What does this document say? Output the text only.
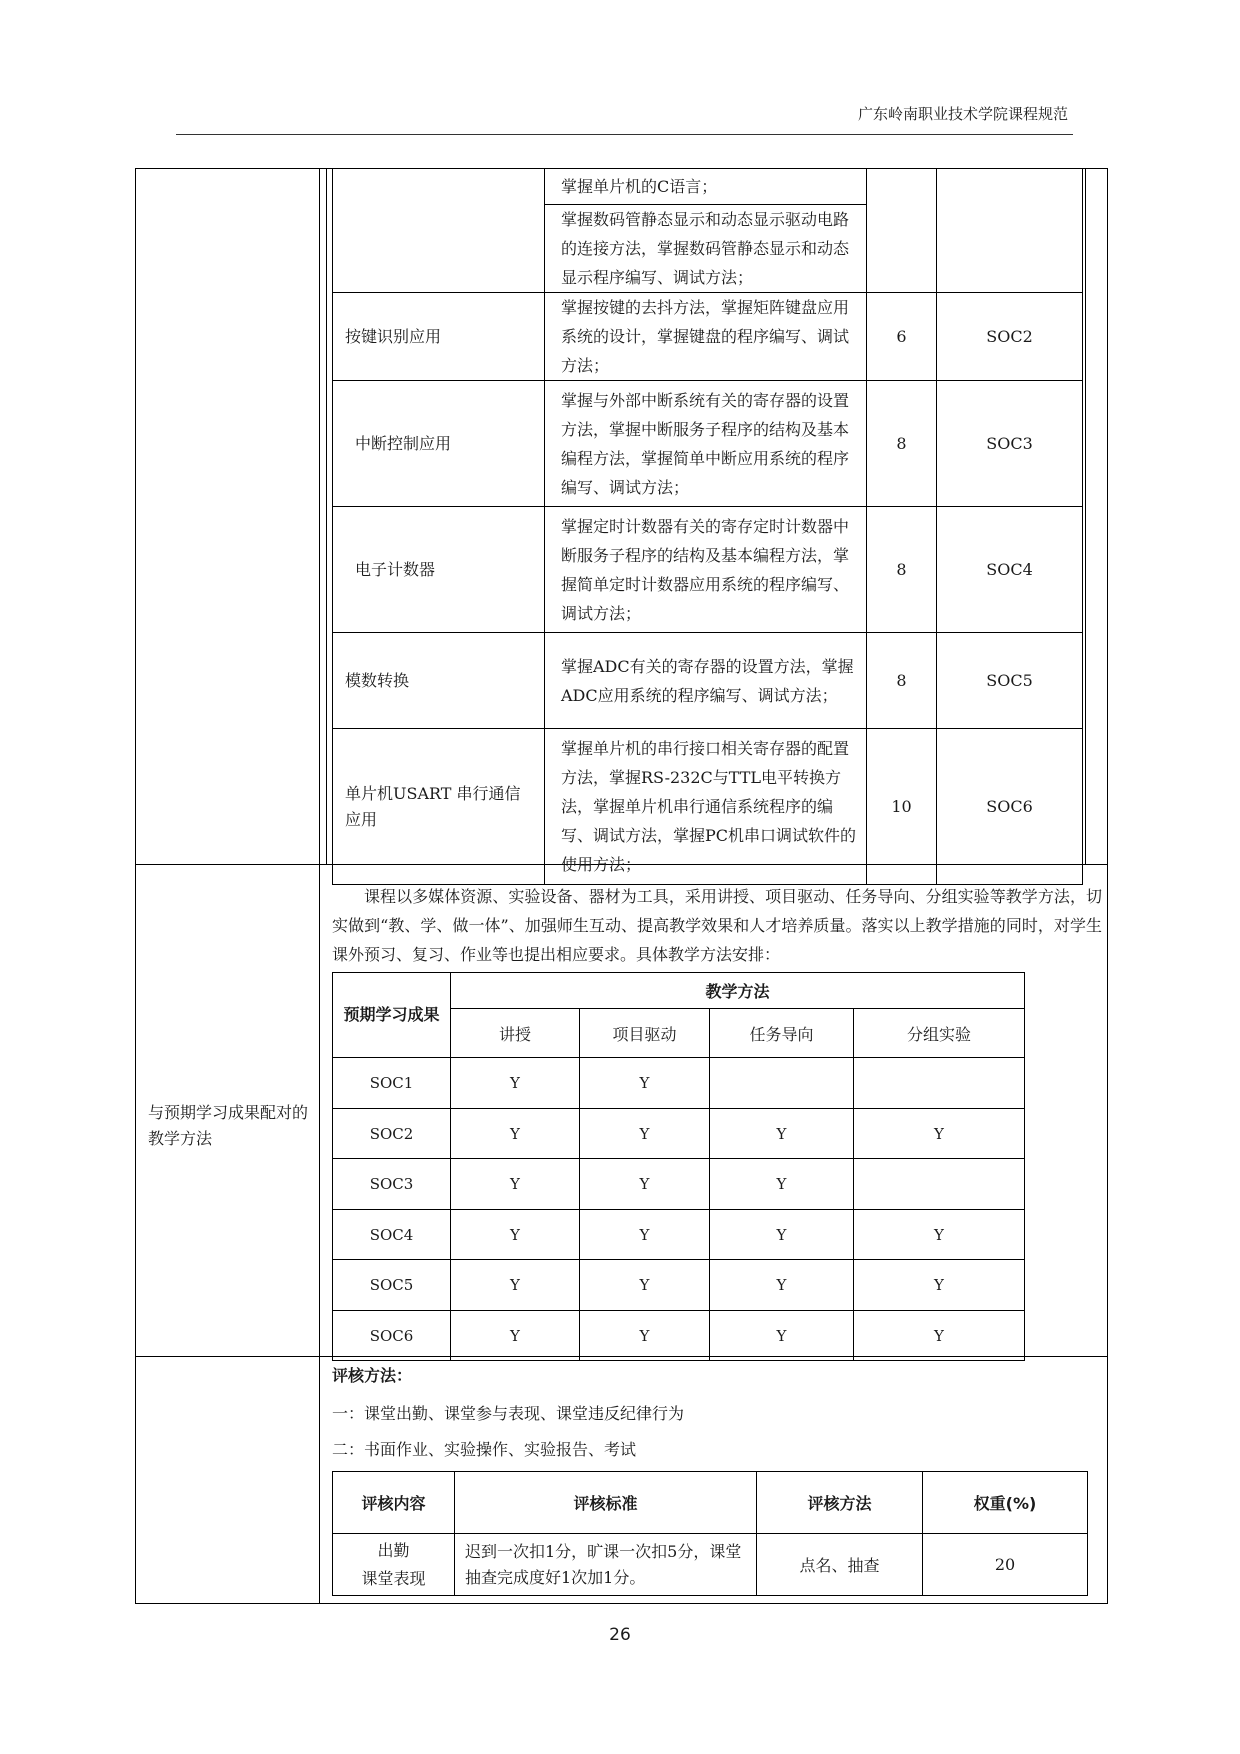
广东岭南职业技术学院课程规范
	掌握单片机的C语言；		
	掌握数码管静态显示和动态显示驱动电路的连接方法，掌握数码管静态显示和动态显示程序编写、调试方法；		
按键识别应用	掌握按键的去抖方法，掌握矩阵键盘应用系统的设计，掌握键盘的程序编写、调试方法；	6	SOC2
中断控制应用	掌握与外部中断系统有关的寄存器的设置方法，掌握中断服务子程序的结构及基本编程方法，掌握简单中断应用系统的程序编写、调试方法；	8	SOC3
电子计数器	掌握定时计数器有关的寄存定时计数器中断服务子程序的结构及基本编程方法，掌握简单定时计数器应用系统的程序编写、调试方法；	8	SOC4
模数转换	掌握ADC有关的寄存器的设置方法，掌握ADC应用系统的程序编写、调试方法；	8	SOC5
单片机USART 串行通信应用	掌握单片机的串行接口相关寄存器的配置方法，掌握RS-232C与TTL电平转换方法，掌握单片机串行通信系统程序的编写、调试方法，掌握PC机串口调试软件的使用方法；	10	SOC6
与预期学习成果配对的教学方法

课程以多媒体资源、实验设备、器材为工具，采用讲授、项目驱动、任务导向、分组实验等教学方法，切实做到“教、学、做一体”、加强师生互动、提高教学效果和人才培养质量。落实以上教学措施的同时，对学生课外预习、复习、作业等也提出相应要求。具体教学方法安排：

预期学习成果	教学方法			
	讲授	项目驱动	任务导向	分组实验
SOC1	Y	Y		
SOC2	Y	Y	Y	Y
SOC3	Y	Y	Y	
SOC4	Y	Y	Y	Y
SOC5	Y	Y	Y	Y
SOC6	Y	Y	Y	Y
评核方法：
一：课堂出勤、课堂参与表现、课堂违反纪律行为
二：书面作业、实验操作、实验报告、考试
评核内容	评核标准	评核方法	权重(%)

出勤
课堂表现	迟到一次扣1分，旷课一次扣5分，课堂抽查完成度好1次加1分。	点名、抽查	20
26
